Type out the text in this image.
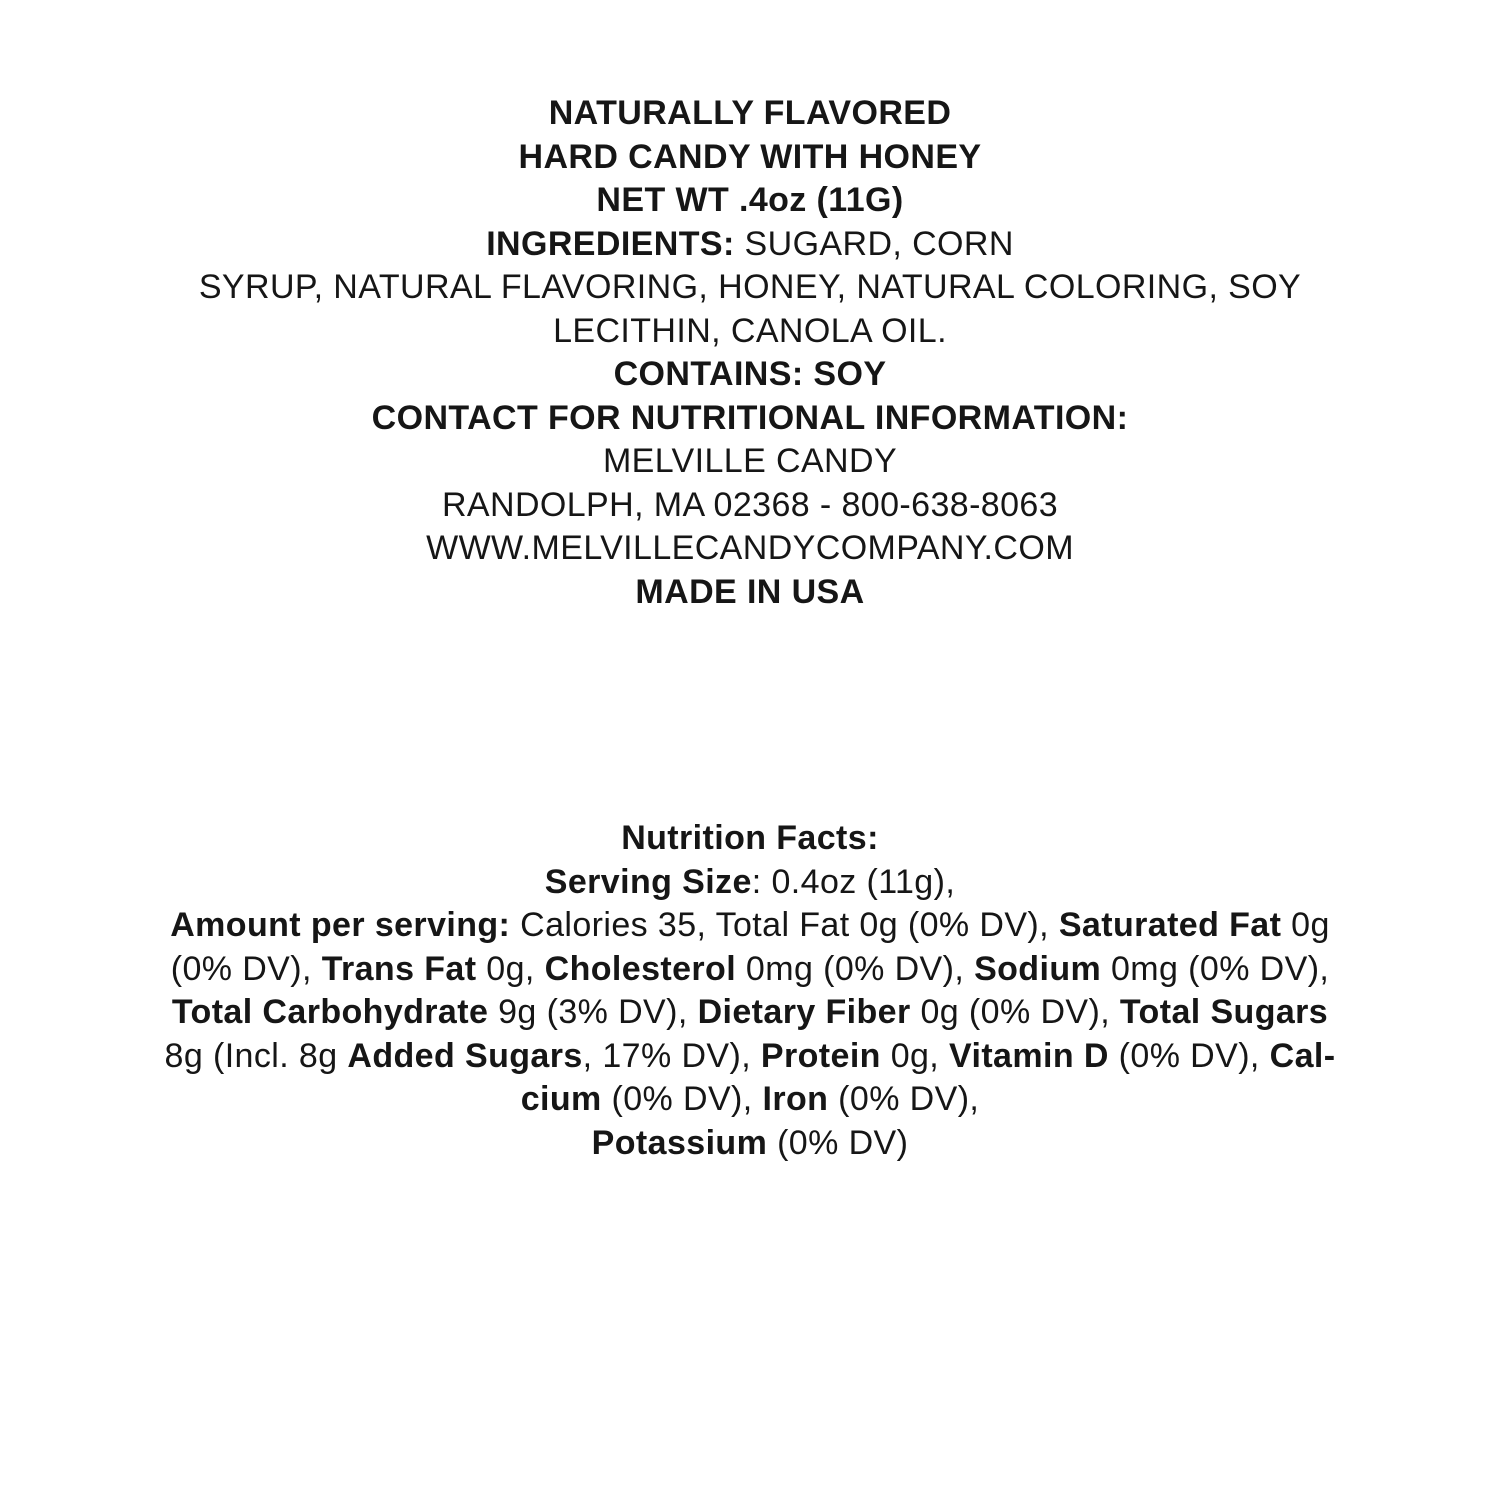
NATURALLY FLAVORED
HARD CANDY WITH HONEY
NET WT .4oz (11G)
INGREDIENTS: SUGARD, CORN
SYRUP, NATURAL FLAVORING, HONEY, NATURAL COLORING, SOY
LECITHIN, CANOLA OIL.
CONTAINS: SOY
CONTACT FOR NUTRITIONAL INFORMATION:
MELVILLE CANDY
RANDOLPH, MA 02368 - 800-638-8063
WWW.MELVILLECANDYCOMPANY.COM
MADE IN USA
Nutrition Facts:
Serving Size: 0.4oz (11g),
Amount per serving: Calories 35, Total Fat 0g (0% DV), Saturated Fat 0g
(0% DV), Trans Fat 0g, Cholesterol 0mg (0% DV), Sodium 0mg (0% DV),
Total Carbohydrate 9g (3% DV), Dietary Fiber 0g (0% DV), Total Sugars
8g (Incl. 8g Added Sugars, 17% DV), Protein 0g, Vitamin D (0% DV), Cal-
cium (0% DV), Iron (0% DV),
Potassium (0% DV)
